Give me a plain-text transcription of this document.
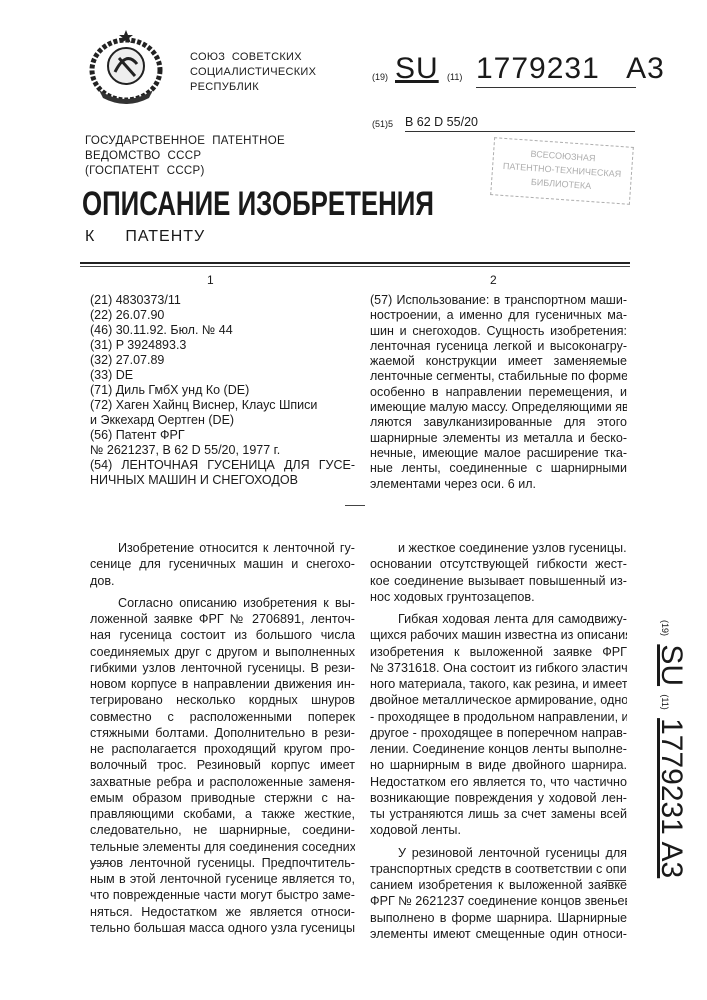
СОЮЗ  СОВЕТСКИХ
СОЦИАЛИСТИЧЕСКИХ
РЕСПУБЛИК
(19) SU (11) 1779231   A3
(51)5 B 62 D 55/20
ГОСУДАРСТВЕННОЕ  ПАТЕНТНОЕ
ВЕДОМСТВО  СССР
(ГОСПАТЕНТ  СССР)
ВСЕСОЮЗНАЯ
ПАТЕНТНО-ТЕХНИЧЕСКАЯ
БИБЛИОТЕКА
ОПИСАНИЕ ИЗОБРЕТЕНИЯ
К ПАТЕНТУ
1	2
(21) 4830373/11
(22) 26.07.90
(46) 30.11.92. Бюл. № 44
(31) P 3924893.3
(32) 27.07.89
(33) DE
(71) Диль ГмбХ унд Ко (DE)
(72) Хаген Хайнц Виснер, Клаус Шписи
и Эккехард Оертген (DE)
(56) Патент ФРГ
№ 2621237, B 62 D 55/20, 1977 г.
(54) ЛЕНТОЧНАЯ ГУСЕНИЦА ДЛЯ ГУСЕ-
НИЧНЫХ МАШИН И СНЕГОХОДОВ
(57) Использование: в транспортном маши-
ностроении, а именно для гусеничных ма-
шин и снегоходов. Сущность изобретения:
ленточная гусеница легкой и высоконагру-
жаемой конструкции имеет заменяемые
ленточные сегменты, стабильные по форме,
особенно в направлении перемещения, и
имеющие малую массу. Определяющими яв-
ляются завулканизированные для этого
шарнирные элементы из металла и беско-
нечные, имеющие малое расширение тка-
ные ленты, соединенные с шарнирными
элементами через оси. 6 ил.
Изобретение относится к ленточной гу-
сенице для гусеничных машин и снегохо-
дов.
Согласно описанию изобретения к вы-
ложенной заявке ФРГ № 2706891, ленточ-
ная гусеница состоит из большого числа
соединяемых друг с другом и выполненных
гибкими узлов ленточной гусеницы. В рези-
новом корпусе в направлении движения ин-
тегрировано несколько кордных шнуров
совместно с расположенными поперек
стяжными болтами. Дополнительно в рези-
не располагается проходящий кругом про-
волочный трос. Резиновый корпус имеет
захватные ребра и расположенные заменя-
емым образом приводные стержни с на-
правляющими скобами, а также жесткие,
следовательно, не шарнирные, соедини-
тельные элементы для соединения соседних
узлов ленточной гусеницы. Предпочтитель-
ным в этой ленточной гусенице является то,
что поврежденные части могут быстро заме-
няться. Недостатком же является относи-
тельно большая масса одного узла гусеницы
и жесткое соединение узлов гусеницы. На
основании отсутствующей гибкости жест-
кое соединение вызывает повышенный из-
нос ходовых грунтозацепов.
Гибкая ходовая лента для самодвижу-
щихся рабочих машин известна из описания
изобретения к выложенной заявке ФРГ
№ 3731618. Она состоит из гибкого эластич-
ного материала, такого, как резина, и имеет
двойное металлическое армирование, одно
- проходящее в продольном направлении, и
другое - проходящее в поперечном направ-
лении. Соединение концов ленты выполне-
но шарнирным в виде двойного шарнира.
Недостатком его является то, что частично
возникающие повреждения у ходовой лен-
ты устраняются лишь за счет замены всей
ходовой ленты.
У резиновой ленточной гусеницы для
транспортных средств в соответствии с опи-
санием изобретения к выложенной заявке
ФРГ № 2621237 соединение концов звеньев
выполнено в форме шарнира. Шарнирные
элементы имеют смещенные один относи-
(19) SU (11) 1779231 A3
